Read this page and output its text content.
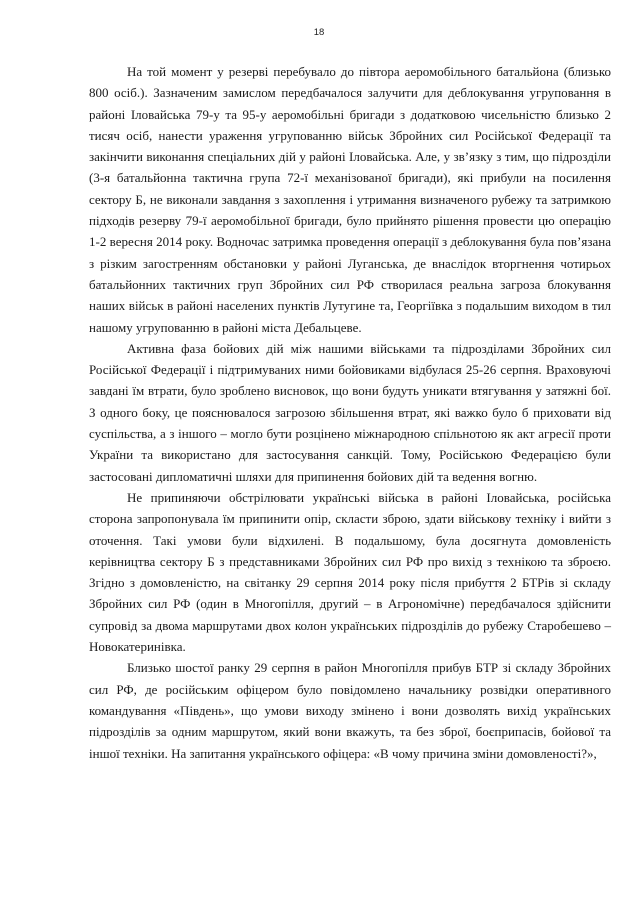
18

На той момент у резерві перебувало до півтора аеромобільного батальйона (близько 800 осіб.). Зазначеним замислом передбачалося залучити для деблокування угруповання в районі Іловайська 79-у та 95-у аеромобільні бригади з додатковою чисельністю близько 2 тисяч осіб, нанести ураження угрупованню військ Збройних сил Російської Федерації та закінчити виконання спеціальних дій у районі Іловайська. Але, у зв’язку з тим, що підрозділи (3-я батальйонна тактична група 72-ї механізованої бригади), які прибули на посилення сектору Б, не виконали завдання з захоплення і утримання визначеного рубежу та затримкою підходів резерву 79-ї аеромобільної бригади, було прийнято рішення провести цю операцію 1-2 вересня 2014 року. Водночас затримка проведення операції з деблокування була пов’язана з різким загостренням обстановки у районі Луганська, де внаслідок вторгнення чотирьох батальйонних тактичних груп Збройних сил РФ створилася реальна загроза блокування наших військ в районі населених пунктів Лутугине та, Георгіївка з подальшим виходом в тил нашому угрупованню в районі міста Дебальцеве.

Активна фаза бойових дій між нашими військами та підрозділами Збройних сил Російської Федерації і підтримуваних ними бойовиками відбулася 25-26 серпня. Враховуючі завдані їм втрати, було зроблено висновок, що вони будуть уникати втягування у затяжні бої. З одного боку, це пояснювалося загрозою збільшення втрат, які важко було б приховати від суспільства, а з іншого – могло бути розцінено міжнародною спільнотою як акт агресії проти України та використано для застосування санкцій. Тому, Російською Федерацією були застосовані дипломатичні шляхи для припинення бойових дій та ведення вогню.

Не припиняючи обстрілювати українські війська в районі Іловайська, російська сторона запропонувала їм припинити опір, скласти зброю, здати військову техніку і вийти з оточення. Такі умови були відхилені. В подальшому, була досягнута домовленість керівництва сектору Б з представниками Збройних сил РФ про вихід з технікою та зброєю. Згідно з домовленістю, на світанку 29 серпня 2014 року після прибуття 2 БТРів зі складу Збройних сил РФ (один в Многопілля, другий – в Агрономічне) передбачалося здійснити супровід за двома маршрутами двох колон українських підрозділів до рубежу Старобешево – Новокатеринівка.

Близько шостої ранку 29 серпня в район Многопілля прибув БТР зі складу Збройних сил РФ, де російським офіцером було повідомлено начальнику розвідки оперативного командування «Південь», що умови виходу змінено і вони дозволять вихід українських підрозділів за одним маршрутом, який вони вкажуть, та без зброї, боєприпасів, бойової та іншої техніки. На запитання українського офіцера: «В чому причина зміни домовленості?»,
